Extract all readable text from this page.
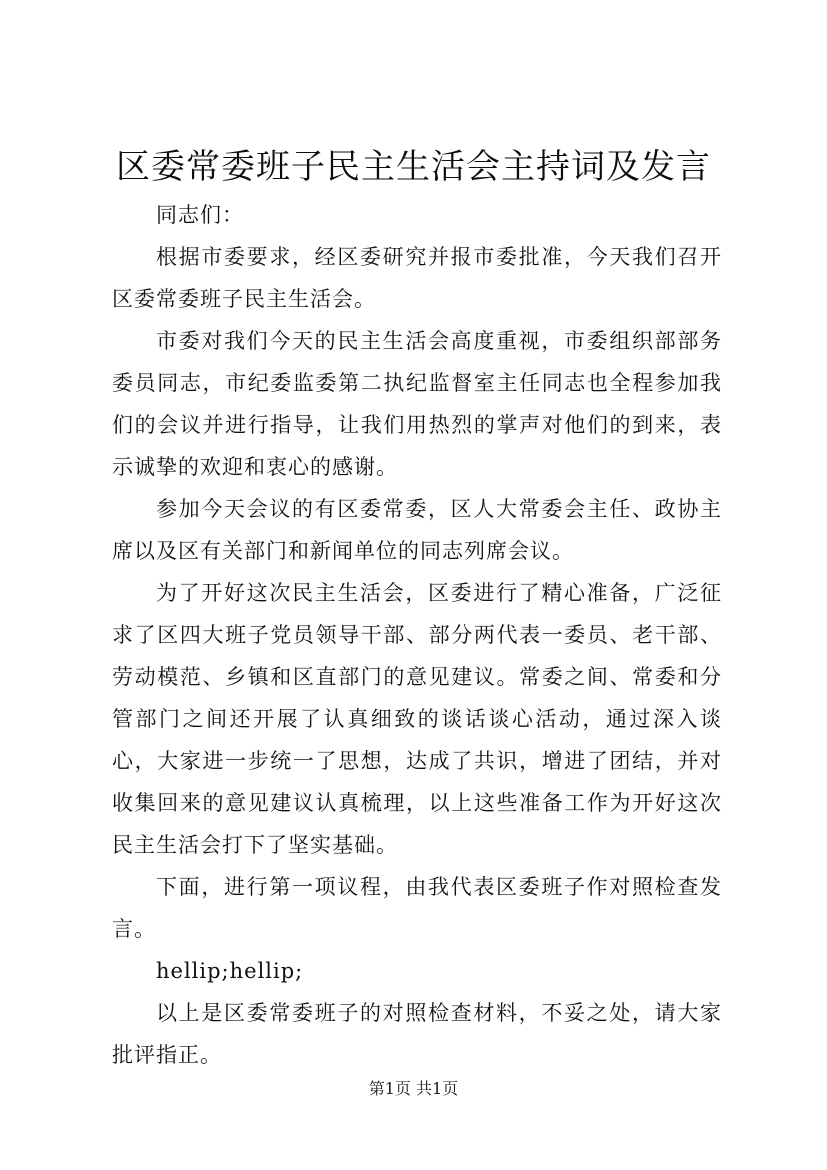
区委常委班子民主生活会主持词及发言

同志们：

根据市委要求，经区委研究并报市委批准，今天我们召开区委常委班子民主生活会。

市委对我们今天的民主生活会高度重视，市委组织部部务委员同志，市纪委监委第二执纪监督室主任同志也全程参加我们的会议并进行指导，让我们用热烈的掌声对他们的到来，表示诚挚的欢迎和衷心的感谢。

参加今天会议的有区委常委，区人大常委会主任、政协主席以及区有关部门和新闻单位的同志列席会议。

为了开好这次民主生活会，区委进行了精心准备，广泛征求了区四大班子党员领导干部、部分两代表一委员、老干部、劳动模范、乡镇和区直部门的意见建议。常委之间、常委和分管部门之间还开展了认真细致的谈话谈心活动，通过深入谈心，大家进一步统一了思想，达成了共识，增进了团结，并对收集回来的意见建议认真梳理，以上这些准备工作为开好这次民主生活会打下了坚实基础。

下面，进行第一项议程，由我代表区委班子作对照检查发言。

hellip;hellip;

以上是区委常委班子的对照检查材料，不妥之处，请大家批评指正。

第1页 共1页
